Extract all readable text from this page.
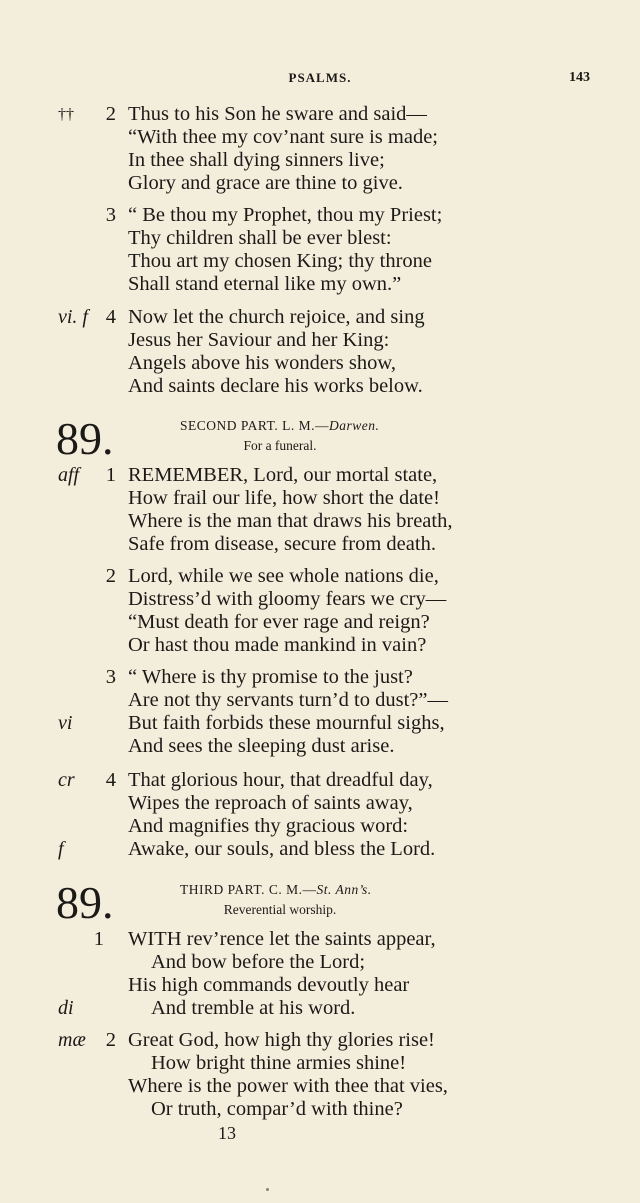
PSALMS.	143
††	2 Thus to his Son he sware and said—
“With thee my cov’nant sure is made;
In thee shall dying sinners live;
Glory and grace are thine to give.
3 “ Be thou my Prophet, thou my Priest;
Thy children shall be ever blest:
Thou art my chosen King; thy throne
Shall stand eternal like my own.”
vi. f 4 Now let the church rejoice, and sing
Jesus her Saviour and her King:
Angels above his wonders show,
And saints declare his works below.
89.	SECOND PART. L. M.—Darwen.
For a funeral.
aff	1 REMEMBER, Lord, our mortal state,
How frail our life, how short the date!
Where is the man that draws his breath,
Safe from disease, secure from death.
2 Lord, while we see whole nations die,
Distress’d with gloomy fears we cry—
“Must death for ever rage and reign?
Or hast thou made mankind in vain?
3 “ Where is thy promise to the just?
Are not thy servants turn’d to dust?”—
vi	But faith forbids these mournful sighs,
And sees the sleeping dust arise.
cr	4 That glorious hour, that dreadful day,
Wipes the reproach of saints away,
And magnifies thy gracious word:
f	Awake, our souls, and bless the Lord.
89.	THIRD PART. C. M.—St. Ann’s.
Reverential worship.
1 WITH rev’rence let the saints appear,
And bow before the Lord;
His high commands devoutly hear
di	And tremble at his word.
mæ 2 Great God, how high thy glories rise!
How bright thine armies shine!
Where is the power with thee that vies,
Or truth, compar’d with thine?
13
